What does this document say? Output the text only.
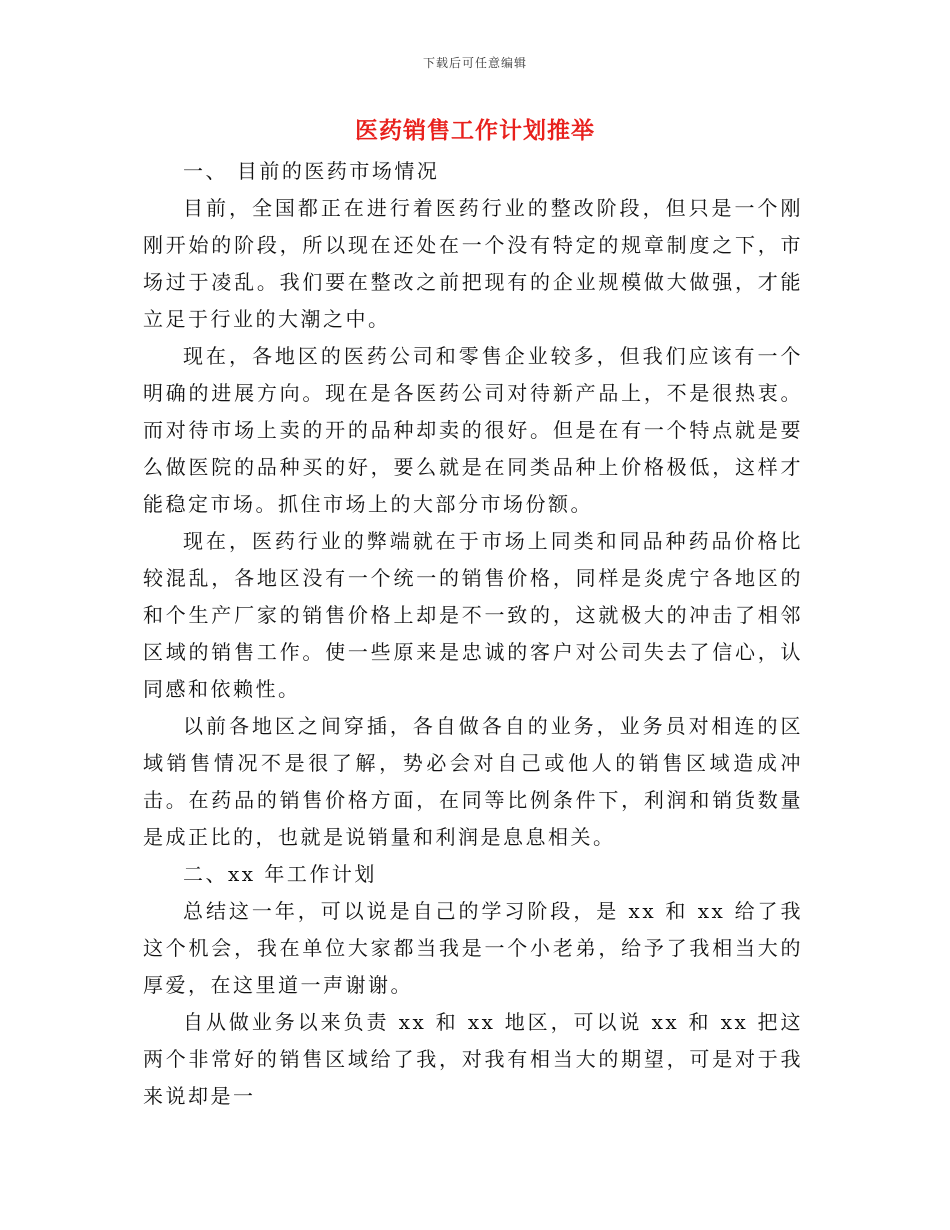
下载后可任意编辑
医药销售工作计划推举

一、 目前的医药市场情况

目前，全国都正在进行着医药行业的整改阶段，但只是一个刚刚开始的阶段，所以现在还处在一个没有特定的规章制度之下，市场过于凌乱。我们要在整改之前把现有的企业规模做大做强，才能立足于行业的大潮之中。

现在，各地区的医药公司和零售企业较多，但我们应该有一个明确的进展方向。现在是各医药公司对待新产品上，不是很热衷。而对待市场上卖的开的品种却卖的很好。但是在有一个特点就是要么做医院的品种买的好，要么就是在同类品种上价格极低，这样才能稳定市场。抓住市场上的大部分市场份额。

现在，医药行业的弊端就在于市场上同类和同品种药品价格比较混乱，各地区没有一个统一的销售价格，同样是炎虎宁各地区的和个生产厂家的销售价格上却是不一致的，这就极大的冲击了相邻区域的销售工作。使一些原来是忠诚的客户对公司失去了信心，认同感和依赖性。

以前各地区之间穿插，各自做各自的业务，业务员对相连的区域销售情况不是很了解，势必会对自己或他人的销售区域造成冲击。在药品的销售价格方面，在同等比例条件下，利润和销货数量是成正比的，也就是说销量和利润是息息相关。

二、xx 年工作计划

总结这一年，可以说是自己的学习阶段，是 xx 和 xx 给了我这个机会，我在单位大家都当我是一个小老弟，给予了我相当大的厚爱，在这里道一声谢谢。

自从做业务以来负责 xx 和 xx 地区，可以说 xx 和 xx 把这两个非常好的销售区域给了我，对我有相当大的期望，可是对于我来说却是一
